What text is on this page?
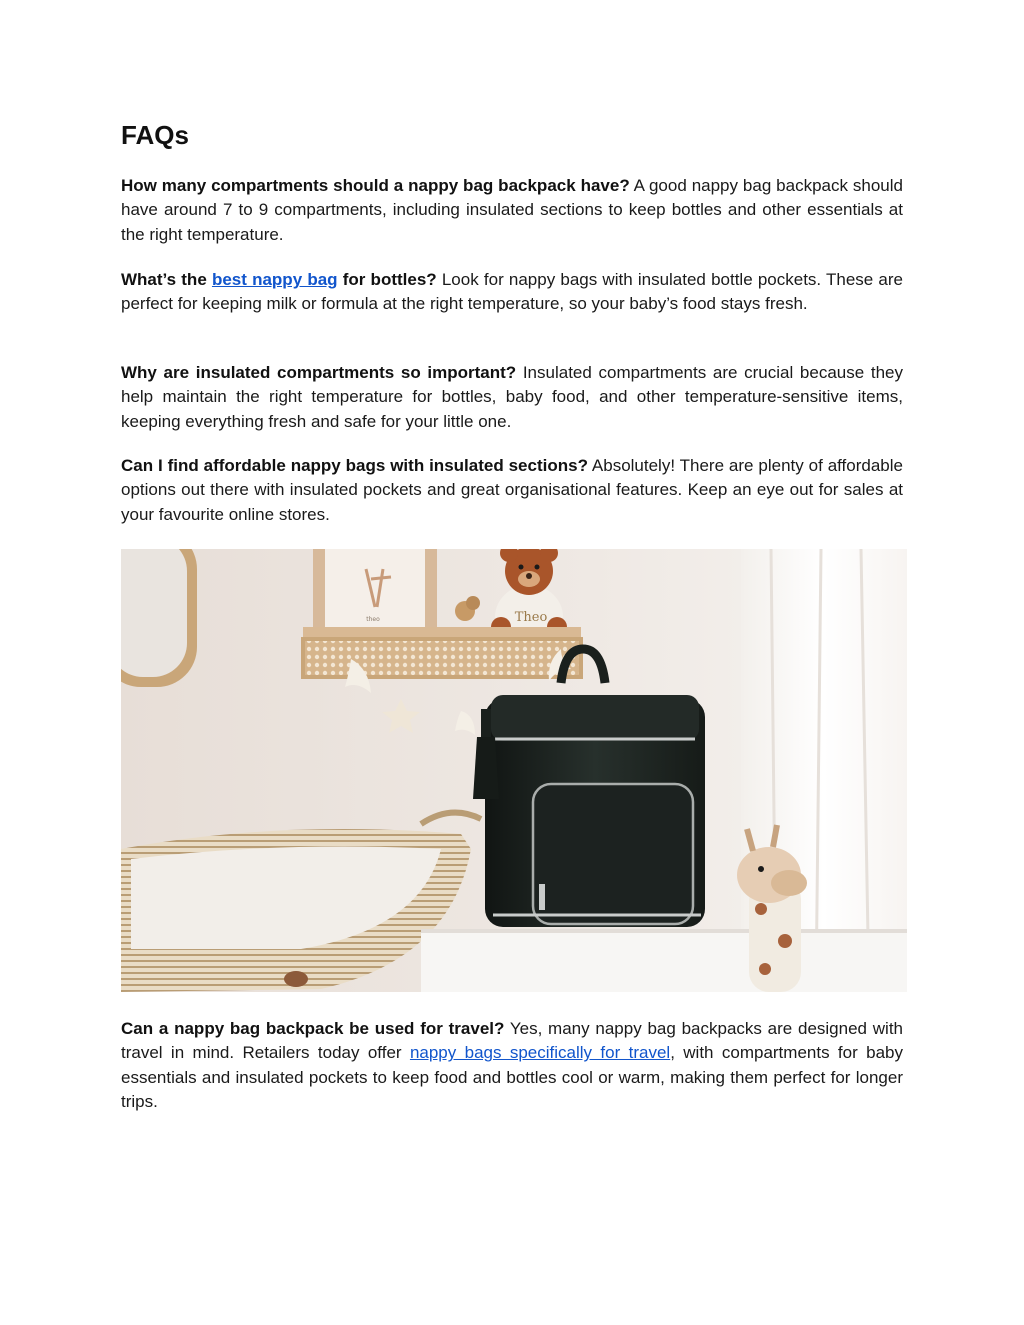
FAQs

How many compartments should a nappy bag backpack have? A good nappy bag backpack should have around 7 to 9 compartments, including insulated sections to keep bottles and other essentials at the right temperature.

What’s the best nappy bag for bottles? Look for nappy bags with insulated bottle pockets. These are perfect for keeping milk or formula at the right temperature, so your baby’s food stays fresh.

Why are insulated compartments so important? Insulated compartments are crucial because they help maintain the right temperature for bottles, baby food, and other temperature-sensitive items, keeping everything fresh and safe for your little one.

Can I find affordable nappy bags with insulated sections? Absolutely! There are plenty of affordable options out there with insulated pockets and great organisational features. Keep an eye out for sales at your favourite online stores.

theo	Theo

Can a nappy bag backpack be used for travel? Yes, many nappy bag backpacks are designed with travel in mind. Retailers today offer nappy bags specifically for travel, with compartments for baby essentials and insulated pockets to keep food and bottles cool or warm, making them perfect for longer trips.
